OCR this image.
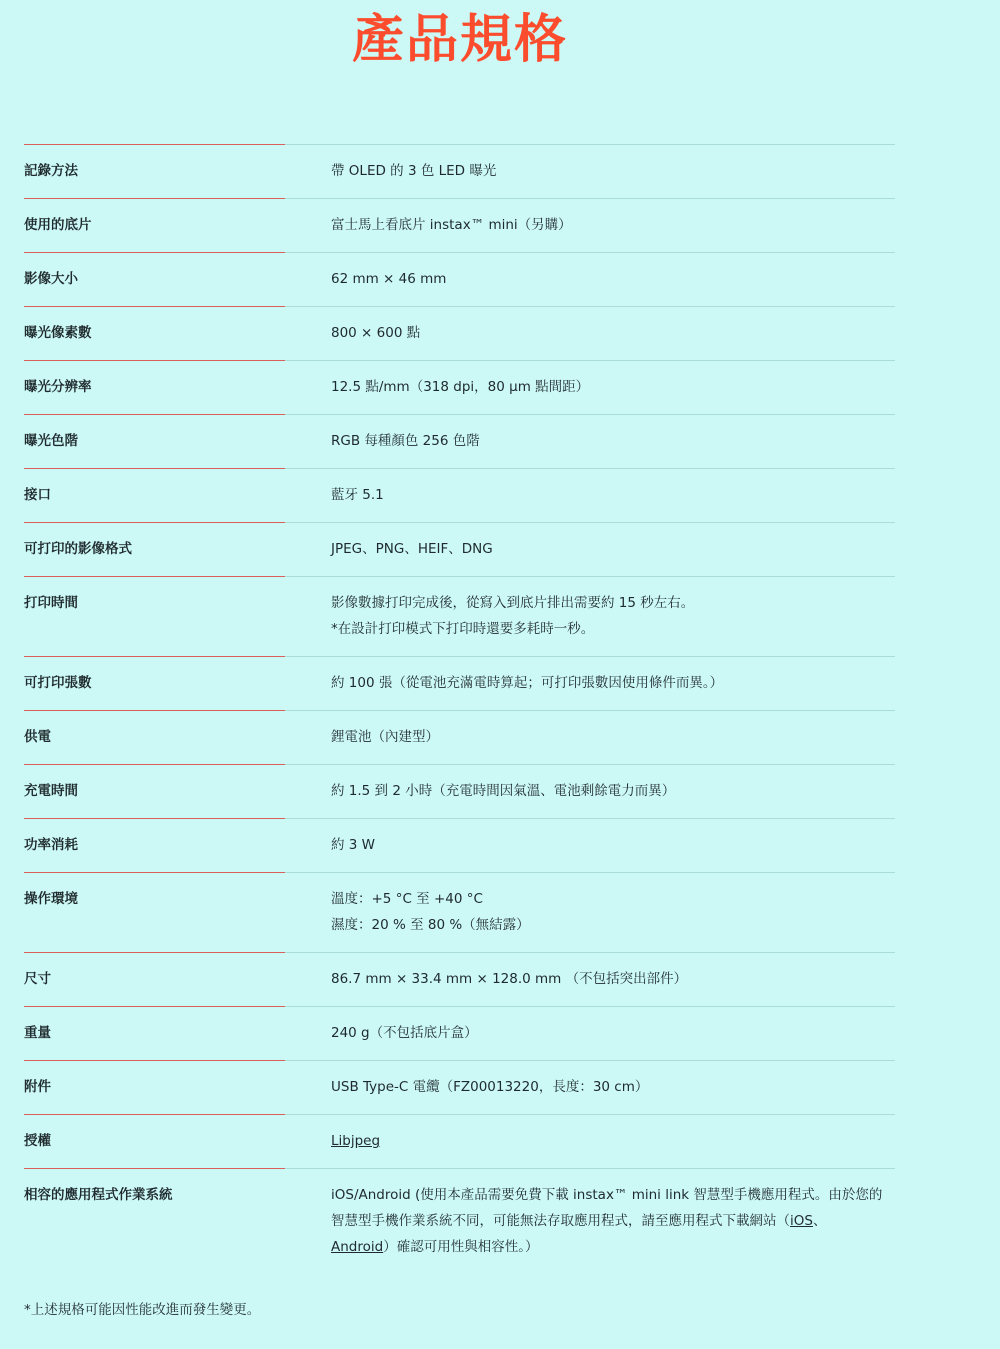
產品規格
記錄方法	帶 OLED 的 3 色 LED 曝光
使用的底片	富士馬上看底片 instax™ mini（另購）
影像大小	62 mm × 46 mm
曝光像素數	800 × 600 點
曝光分辨率	12.5 點/mm（318 dpi，80 µm 點間距）
曝光色階	RGB 每種顏色 256 色階
接口	藍牙 5.1
可打印的影像格式	JPEG、PNG、HEIF、DNG
打印時間	影像數據打印完成後，從寫入到底片排出需要約 15 秒左右。
*在設計打印模式下打印時還要多耗時一秒。
可打印張數	約 100 張（從電池充滿電時算起；可打印張數因使用條件而異。）
供電	鋰電池（內建型）
充電時間	約 1.5 到 2 小時（充電時間因氣溫、電池剩餘電力而異）
功率消耗	約 3 W
操作環境	溫度：+5 °C 至 +40 °C
濕度：20 % 至 80 %（無結露）
尺寸	86.7 mm × 33.4 mm × 128.0 mm （不包括突出部件）
重量	240 g（不包括底片盒）
附件	USB Type-C 電纜（FZ00013220，長度：30 cm）
授權	Libjpeg
相容的應用程式作業系統	iOS/Android (使用本產品需要免費下載 instax™ mini link 智慧型手機應用程式。由於您的
智慧型手機作業系統不同，可能無法存取應用程式，請至應用程式下載網站（iOS、
Android）確認可用性與相容性。）
*上述規格可能因性能改進而發生變更。
